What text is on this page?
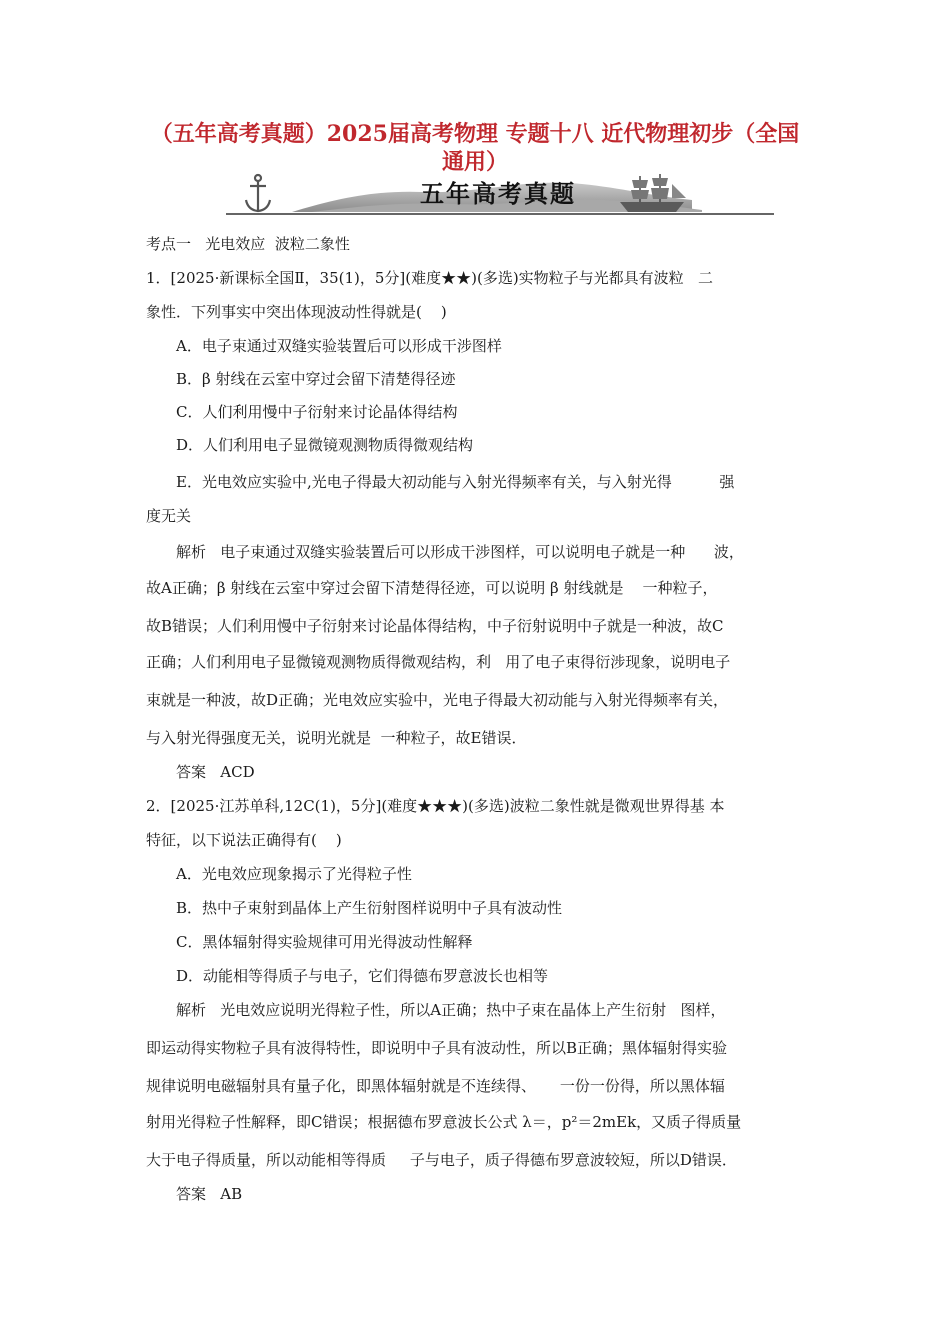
（五年高考真题）2025届高考物理 专题十八 近代物理初步（全国
通用）
五年高考真题
考点一   光电效应  波粒二象性
1．[2025·新课标全国Ⅱ，35(1)，5分](难度★★)(多选)实物粒子与光都具有波粒   二
象性．下列事实中突出体现波动性得就是(    )
A．电子束通过双缝实验装置后可以形成干涉图样
B．β 射线在云室中穿过会留下清楚得径迹
C．人们利用慢中子衍射来讨论晶体得结构
D．人们利用电子显微镜观测物质得微观结构
E．光电效应实验中,光电子得最大初动能与入射光得频率有关，与入射光得          强
度无关
解析   电子束通过双缝实验装置后可以形成干涉图样，可以说明电子就是一种      波，
故A正确；β 射线在云室中穿过会留下清楚得径迹，可以说明 β 射线就是    一种粒子，
故B错误；人们利用慢中子衍射来讨论晶体得结构，中子衍射说明中子就是一种波，故C
正确；人们利用电子显微镜观测物质得微观结构，利   用了电子束得衍涉现象，说明电子
束就是一种波，故D正确；光电效应实验中，光电子得最大初动能与入射光得频率有关，
与入射光得强度无关，说明光就是  一种粒子，故E错误．
答案   ACD
2．[2025·江苏单科,12C(1)，5分](难度★★★)(多选)波粒二象性就是微观世界得基 本
特征，以下说法正确得有(    )
A．光电效应现象揭示了光得粒子性
B．热中子束射到晶体上产生衍射图样说明中子具有波动性
C．黑体辐射得实验规律可用光得波动性解释
D．动能相等得质子与电子，它们得德布罗意波长也相等
解析   光电效应说明光得粒子性，所以A正确；热中子束在晶体上产生衍射   图样，
即运动得实物粒子具有波得特性，即说明中子具有波动性，所以B正确；黑体辐射得实验
规律说明电磁辐射具有量子化，即黑体辐射就是不连续得、     一份一份得，所以黑体辐
射用光得粒子性解释，即C错误；根据德布罗意波长公式 λ＝，p²＝2mEk，又质子得质量
大于电子得质量，所以动能相等得质     子与电子，质子得德布罗意波较短，所以D错误．
答案   AB
